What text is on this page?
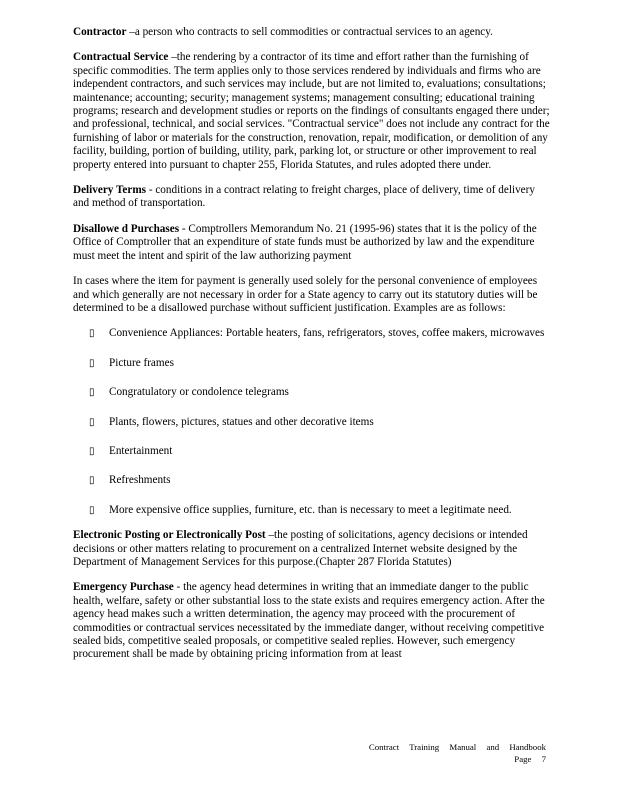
Contractor –a person who contracts to sell commodities or contractual services to an agency.

Contractual Service –the rendering by a contractor of its time and effort rather than the furnishing of specific commodities. The term applies only to those services rendered by individuals and firms who are independent contractors, and such services may include, but are not limited to, evaluations; consultations; maintenance; accounting; security; management systems; management consulting; educational training programs; research and development studies or reports on the findings of consultants engaged there under; and professional, technical, and social services. "Contractual service" does not include any contract for the furnishing of labor or materials for the construction, renovation, repair, modification, or demolition of any facility, building, portion of building, utility, park, parking lot, or structure or other improvement to real property entered into pursuant to chapter 255, Florida Statutes, and rules adopted there under.

Delivery Terms - conditions in a contract relating to freight charges, place of delivery, time of delivery and method of transportation.

Disallowe d Purchases - Comptrollers Memorandum No. 21 (1995-96) states that it is the policy of the Office of Comptroller that an expenditure of state funds must be authorized by law and the expenditure must meet the intent and spirit of the law authorizing payment

In cases where the item for payment is generally used solely for the personal convenience of employees and which generally are not necessary in order for a State agency to carry out its statutory duties will be determined to be a disallowed purchase without sufficient justification. Examples are as follows:

▯ Convenience Appliances: Portable heaters, fans, refrigerators, stoves, coffee makers, microwaves
▯ Picture frames
▯ Congratulatory or condolence telegrams
▯ Plants, flowers, pictures, statues and other decorative items
▯ Entertainment
▯ Refreshments
▯ More expensive office supplies, furniture, etc. than is necessary to meet a legitimate need.

Electronic Posting or Electronically Post –the posting of solicitations, agency decisions or intended decisions or other matters relating to procurement on a centralized Internet website designed by the Department of Management Services for this purpose.(Chapter 287 Florida Statutes)

Emergency Purchase - the agency head determines in writing that an immediate danger to the public health, welfare, safety or other substantial loss to the state exists and requires emergency action. After the agency head makes such a written determination, the agency may proceed with the procurement of commodities or contractual services necessitated by the immediate danger, without receiving competitive sealed bids, competitive sealed proposals, or competitive sealed replies. However, such emergency procurement shall be made by obtaining pricing information from at least

Contract Training Manual and Handbook
Page 7
